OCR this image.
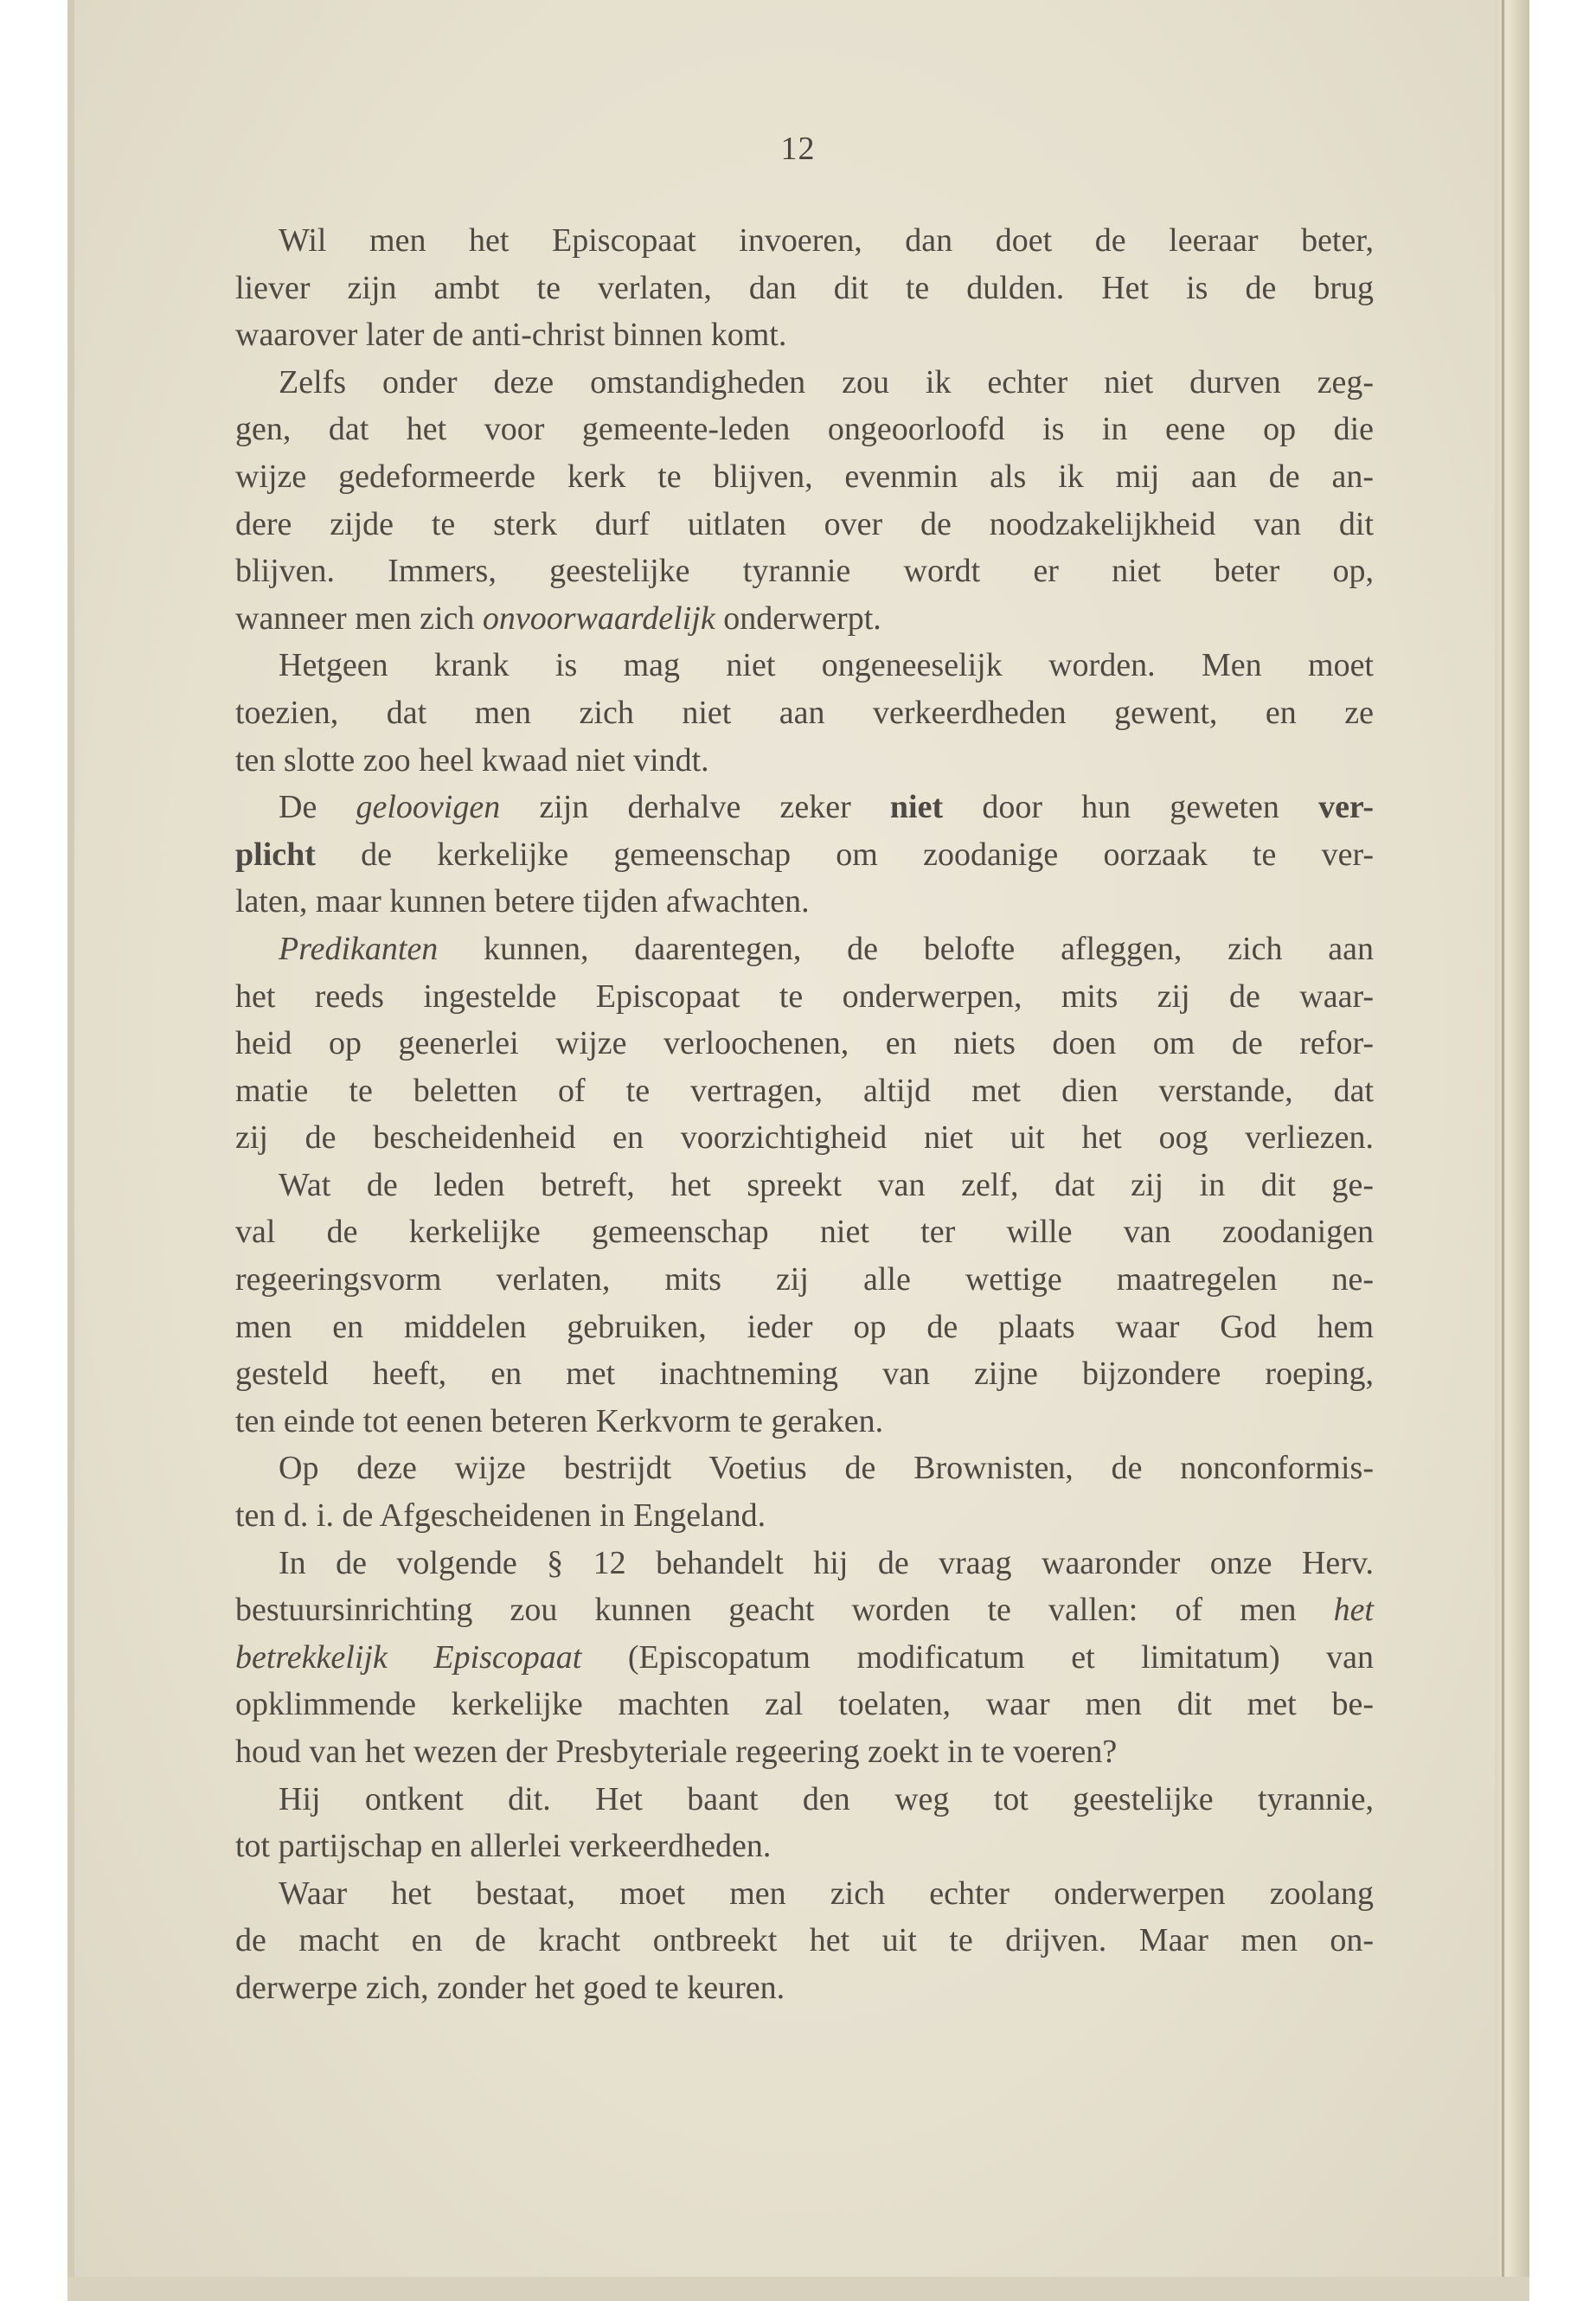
12
Wil men het Episcopaat invoeren, dan doet de leeraar beter,
liever zijn ambt te verlaten, dan dit te dulden. Het is de brug
waarover later de anti-christ binnen komt.
Zelfs onder deze omstandigheden zou ik echter niet durven zeg-
gen, dat het voor gemeente-leden ongeoorloofd is in eene op die
wijze gedeformeerde kerk te blijven, evenmin als ik mij aan de an-
dere zijde te sterk durf uitlaten over de noodzakelijkheid van dit
blijven. Immers, geestelijke tyrannie wordt er niet beter op,
wanneer men zich onvoorwaardelijk onderwerpt.
Hetgeen krank is mag niet ongeneeselijk worden. Men moet
toezien, dat men zich niet aan verkeerdheden gewent, en ze
ten slotte zoo heel kwaad niet vindt.
De geloovigen zijn derhalve zeker niet door hun geweten ver-
plicht de kerkelijke gemeenschap om zoodanige oorzaak te ver-
laten, maar kunnen betere tijden afwachten.
Predikanten kunnen, daarentegen, de belofte afleggen, zich aan
het reeds ingestelde Episcopaat te onderwerpen, mits zij de waar-
heid op geenerlei wijze verloochenen, en niets doen om de refor-
matie te beletten of te vertragen, altijd met dien verstande, dat
zij de bescheidenheid en voorzichtigheid niet uit het oog verliezen.
Wat de leden betreft, het spreekt van zelf, dat zij in dit ge-
val de kerkelijke gemeenschap niet ter wille van zoodanigen
regeeringsvorm verlaten, mits zij alle wettige maatregelen ne-
men en middelen gebruiken, ieder op de plaats waar God hem
gesteld heeft, en met inachtneming van zijne bijzondere roeping,
ten einde tot eenen beteren Kerkvorm te geraken.
Op deze wijze bestrijdt Voetius de Brownisten, de nonconformis-
ten d. i. de Afgescheidenen in Engeland.
In de volgende § 12 behandelt hij de vraag waaronder onze Herv.
bestuursinrichting zou kunnen geacht worden te vallen: of men het
betrekkelijk Episcopaat (Episcopatum modificatum et limitatum) van
opklimmende kerkelijke machten zal toelaten, waar men dit met be-
houd van het wezen der Presbyteriale regeering zoekt in te voeren?
Hij ontkent dit. Het baant den weg tot geestelijke tyrannie,
tot partijschap en allerlei verkeerdheden.
Waar het bestaat, moet men zich echter onderwerpen zoolang
de macht en de kracht ontbreekt het uit te drijven. Maar men on-
derwerpe zich, zonder het goed te keuren.
